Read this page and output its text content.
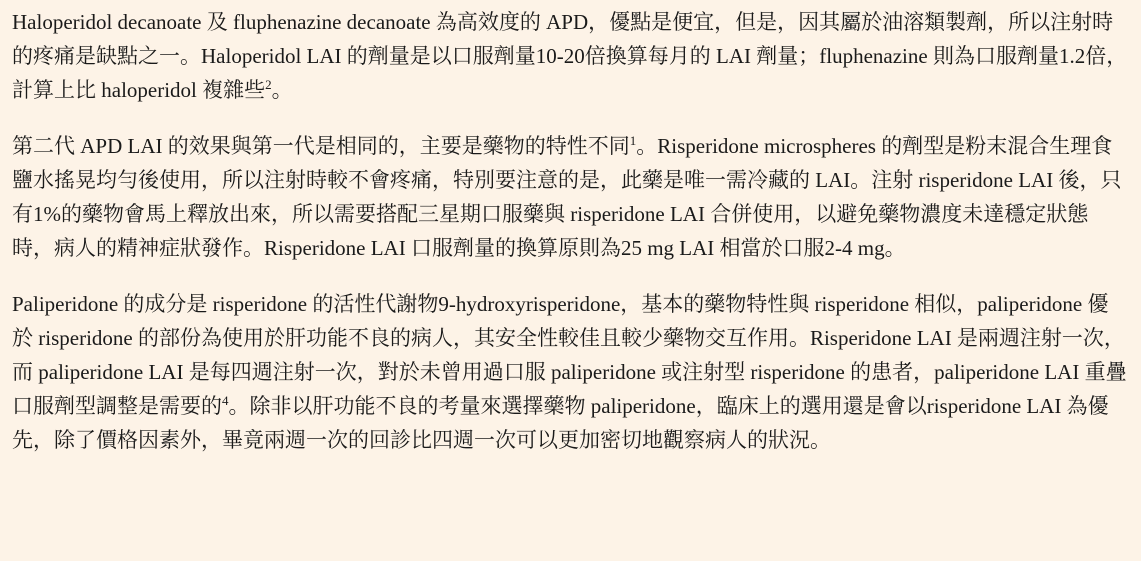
Haloperidol decanoate 及 fluphenazine decanoate 為高效度的 APD，優點是便宜，但是，因其屬於油溶類製劑，所以注射時的疼痛是缺點之一。Haloperidol LAI 的劑量是以口服劑量10-20倍換算每月的 LAI 劑量；fluphenazine 則為口服劑量1.2倍，計算上比 haloperidol 複雜些$^2$。

第二代 APD LAI 的效果與第一代是相同的，主要是藥物的特性不同$^1$。Risperidone microspheres 的劑型是粉末混合生理食鹽水搖晃均勻後使用，所以注射時較不會疼痛，特別要注意的是，此藥是唯一需冷藏的 LAI。注射 risperidone LAI 後，只有1%的藥物會馬上釋放出來，所以需要搭配三星期口服藥與 risperidone LAI 合併使用，以避免藥物濃度未達穩定狀態時，病人的精神症狀發作。Risperidone LAI 口服劑量的換算原則為25 mg LAI 相當於口服2-4 mg。

Paliperidone 的成分是 risperidone 的活性代謝物9-hydroxyrisperidone，基本的藥物特性與 risperidone 相似，paliperidone 優於 risperidone 的部份為使用於肝功能不良的病人，其安全性較佳且較少藥物交互作用。Risperidone LAI 是兩週注射一次，而 paliperidone LAI 是每四週注射一次，對於未曾用過口服 paliperidone 或注射型 risperidone 的患者，paliperidone LAI 重疊口服劑型調整是需要的$^4$。除非以肝功能不良的考量來選擇藥物 paliperidone，臨床上的選用還是會以risperidone LAI 為優先，除了價格因素外，畢竟兩週一次的回診比四週一次可以更加密切地觀察病人的狀況。
